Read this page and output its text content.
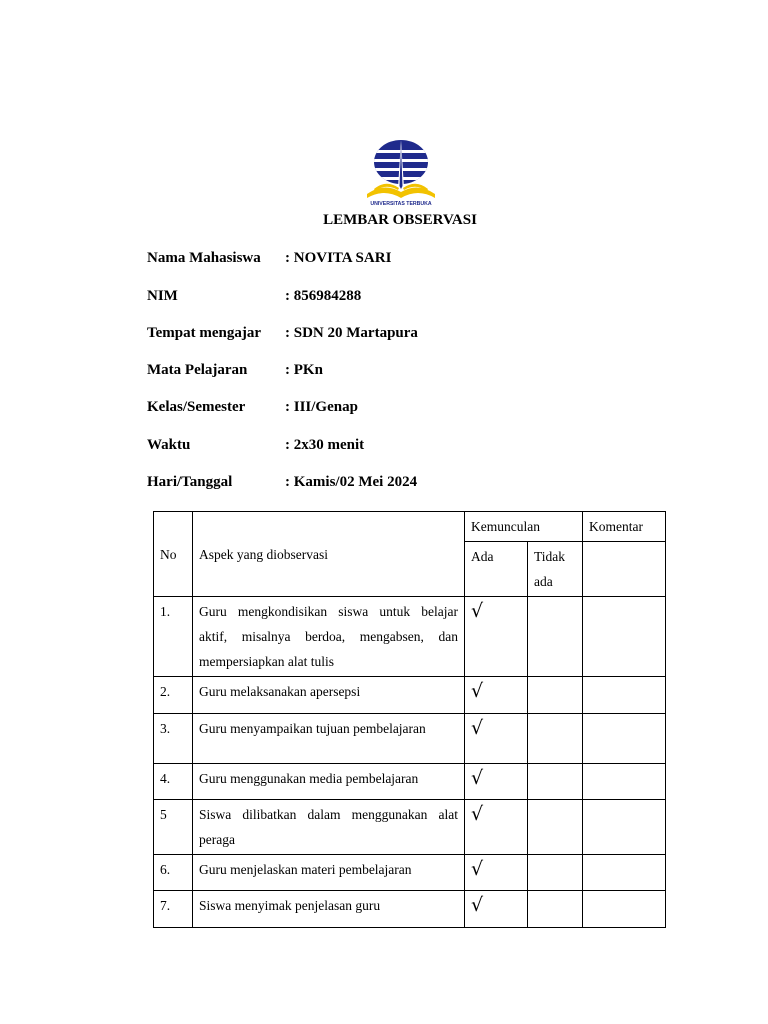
UNIVERSITAS TERBUKA
LEMBAR OBSERVASI
Nama Mahasiswa	: NOVITA SARI
NIM	: 856984288
Tempat mengajar	: SDN 20 Martapura
Mata Pelajaran	: PKn
Kelas/Semester	: III/Genap
Waktu	: 2x30 menit
Hari/Tanggal	: Kamis/02 Mei 2024
No	Aspek yang diobservasi	Kemunculan		Komentar
		Ada	Tidak ada	
1.	Guru mengkondisikan siswa untuk belajar aktif, misalnya berdoa, mengabsen, dan mempersiapkan alat tulis	√		
2.	Guru melaksanakan apersepsi	√		
3.	Guru menyampaikan tujuan pembelajaran	√		
4.	Guru menggunakan media pembelajaran	√		
5	Siswa dilibatkan dalam menggunakan alat peraga	√		
6.	Guru menjelaskan materi pembelajaran	√		
7.	Siswa menyimak penjelasan guru	√		
